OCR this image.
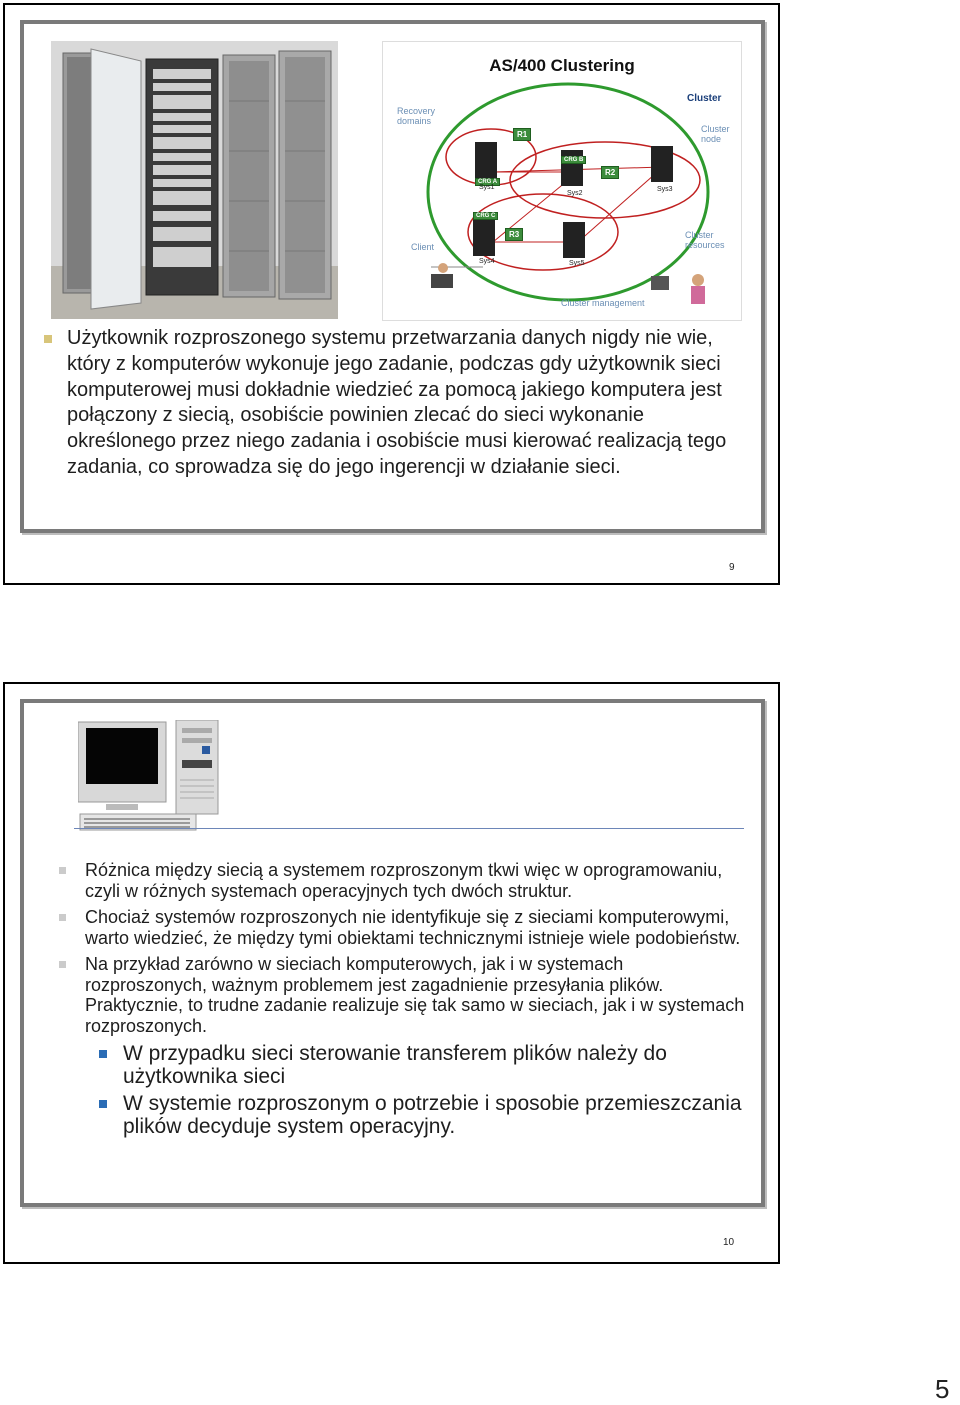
AS/400 Clustering
Recovery domains
Cluster
Cluster node
Cluster resources
Client
Cluster management
R1
R2
R3
CRG A
CRG B
CRG C
Sys1
Sys2
Sys3
Sys4	Sys5

Użytkownik rozproszonego systemu przetwarzania danych nigdy nie wie, który z komputerów wykonuje jego zadanie, podczas gdy użytkownik sieci komputerowej musi dokładnie wiedzieć za pomocą jakiego komputera jest połączony z siecią, osobiście powinien zlecać do sieci wykonanie określonego przez niego zadania i osobiście musi kierować realizacją tego zadania, co sprowadza się do jego ingerencji w działanie sieci.

9

Różnica między siecią a systemem rozproszonym tkwi więc w oprogramowaniu, czyli w różnych systemach operacyjnych tych dwóch struktur.

Chociaż systemów rozproszonych nie identyfikuje się z sieciami komputerowymi, warto wiedzieć, że między tymi obiektami technicznymi istnieje wiele podobieństw.

Na przykład zarówno w sieciach komputerowych, jak i w systemach rozproszonych, ważnym problemem jest zagadnienie przesyłania plików. Praktycznie, to trudne zadanie realizuje się tak samo w sieciach, jak i w systemach rozproszonych.

W przypadku sieci sterowanie transferem plików należy do użytkownika sieci

W systemie rozproszonym o potrzebie i sposobie przemieszczania plików decyduje system operacyjny.

10
5
